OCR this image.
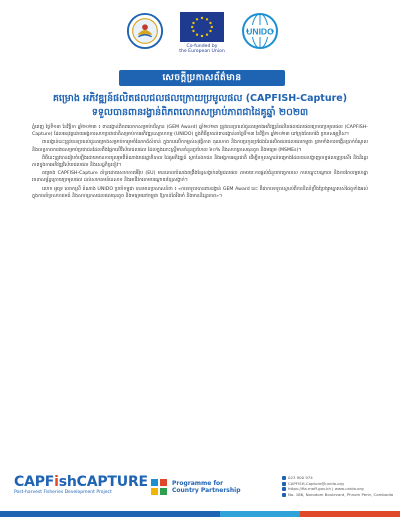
Co-funded by
the European Union
UNIDO
សេចក្តីប្រកាសព័ត៌មាន
គម្រោង អភិវឌ្ឍន៍ផលិតផលជលផលក្រោយប្រមូលផល (CAPFISH-Capture)
ទទួលបានពានរង្វាន់ពិភពលោកសម្រាប់ភាពជាដៃគូឆ្នាំ ២០២៣

ភ្នំពេញ ថ្ងៃទី១៣ ខែវិច្ឆិកា ឆ្នាំ២០២៣ ៖ ពានរង្វាន់ពិភពលោកសម្រាប់បរិស្ថាន (GEM Award) ឆ្នាំ២០២៣ ត្រូវបានប្រគល់ជូនគម្រោងអភិវឌ្ឍន៍ផលិតផលជលផលក្រោយប្រមូលផល (CAPFISH-Capture) ដែលអនុវត្តដោយអង្គការសហប្រជាជាតិសម្រាប់ការអភិវឌ្ឍឧស្សាហកម្ម (UNIDO) ក្នុងពិធីប្រគល់ពានរង្វាន់នាថ្ងៃទី១៣ ខែវិច្ឆិកា ឆ្នាំ២០២៣ នៅក្រុងតែហេរ៉ង់ ប្រទេសអូទ្រីស។

ពានរង្វាន់នេះត្រូវបានប្រគល់ជូនគម្រោងសម្រាប់ការរួមចំណែកដ៏សំខាន់ ក្នុងការលើកកម្ពស់សុវត្ថិភាព គុណភាព និងការប្រកួតប្រជែងនៃផលិតផលជលផលកម្ពុជា ព្រមទាំងការបង្កើនប្រាក់ចំណូល និងលទ្ធភាពការងារសម្រាប់ប្រជាជនដែលពឹងផ្អែកលើវិស័យជលផល ដែលក្នុងនោះស្ត្រីមានចំនួនប្រហែល ៦០% និងសហគ្រាសធុនតូច និងមធ្យម (MSMEs)។

ពិធីនេះត្រូវបានរៀបចំឡើងដោយមានការចូលរួមពីតំណាងរាជរដ្ឋាភិបាល ដៃគូអភិវឌ្ឍន៍ ស្ថាប័នឯកជន និងអង្គការអន្តរជាតិ ដើម្បីទទួលស្គាល់គម្រោងដែលបានបង្ហាញលទ្ធផលល្អប្រសើរ និងនិរន្តរភាពក្នុងការអភិវឌ្ឍវិស័យជលផល និងសេដ្ឋកិច្ចខៀវ។

គម្រោង CAPFISH-Capture គាំទ្រដោយសហភាពអឺរ៉ុប (EU) មានគោលបំណងពង្រឹងខ្សែសង្វាក់តម្លៃជលផល តាមរយៈការផ្តល់ជំនួយបច្ចេកទេស ការបណ្តុះបណ្តាល និងការកែលម្អហេដ្ឋារចនាសម្ព័ន្ធក្រោយប្រមូលផល ដល់សហគមន៍នេសាទ និងអាជីវករតាមបណ្តោយខ្សែសង្វាក់។

លោក អូទ្រេ លោកស្រី តំណាង UNIDO ប្រចាំកម្ពុជា បានមានប្រសាសន៍ថា ៖ «ការទទួលបានពានរង្វាន់ GEM Award នេះ គឺជាការទទួលស្គាល់ពីការខិតខំប្រឹងប្រែងរួមគ្នារបស់ដៃគូទាំងអស់ ក្នុងការគាំទ្រសហគមន៍ និងសហគ្រាសជលផលធុនតូច និងមធ្យមនៅកម្ពុជា ឱ្យកាន់តែរឹងមាំ និងមាននិរន្តរភាព»។

CAPFishCAPTURE
Post-harvest Fisheries Development Project
Programme for
Country Partnership
023 900 974
CAPFISH-Capture@unido.org
https://fia.maff.gov.kh | www.unido.org
No. 186, Norodom Boulevard, Phnom Penh, Cambodia
